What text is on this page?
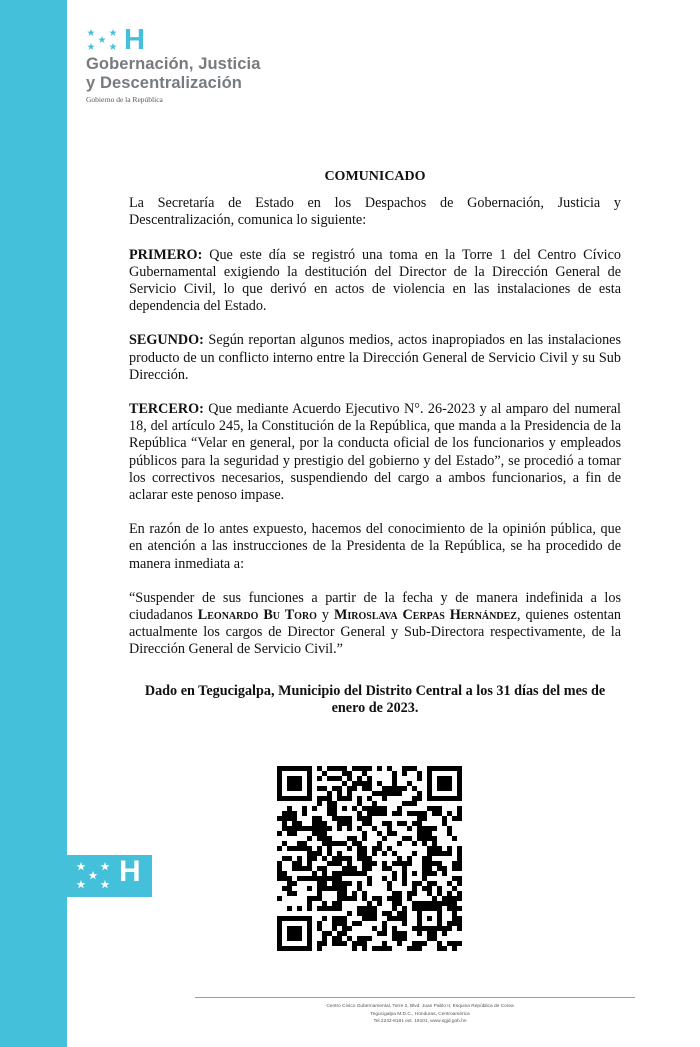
H
H
Gobernación, Justicia
y Descentralización
Gobierno de la República
COMUNICADO

La Secretaría de Estado en los Despachos de Gobernación, Justicia y Descentralización, comunica lo siguiente:

PRIMERO: Que este día se registró una toma en la Torre 1 del Centro Cívico Gubernamental exigiendo la destitución del Director de la Dirección General de Servicio Civil, lo que derivó en actos de violencia en las instalaciones de esta dependencia del Estado.

SEGUNDO: Según reportan algunos medios, actos inapropiados en las instalaciones producto de un conflicto interno entre la Dirección General de Servicio Civil y su Sub Dirección.

TERCERO: Que mediante Acuerdo Ejecutivo N°. 26-2023 y al amparo del numeral 18, del artículo 245, la Constitución de la República, que manda a la Presidencia de la República “Velar en general, por la conducta oficial de los funcionarios y empleados públicos para la seguridad y prestigio del gobierno y del Estado”, se procedió a tomar los correctivos necesarios, suspendiendo del cargo a ambos funcionarios, a fin de aclarar este penoso impase.

En razón de lo antes expuesto, hacemos del conocimiento de la opinión pública, que en atención a las instrucciones de la Presidenta de la República, se ha procedido de manera inmediata a:

“Suspender de sus funciones a partir de la fecha y de manera indefinida a los ciudadanos Leonardo Bu Toro y Miroslava Cerpas Hernández, quienes ostentan actualmente los cargos de Director General y Sub-Directora respectivamente, de la Dirección General de Servicio Civil.”

Dado en Tegucigalpa, Municipio del Distrito Central a los 31 días del mes de enero de 2023.

Centro Cívico Gubernamental, Torre 2, Blvd. Juan Pablo II, Esquina República de Corea
Tegucigalpa M.D.C., Honduras, Centroamérica
Tel.2242-8181 ext. 19101, www.sgjd.gob.hn
